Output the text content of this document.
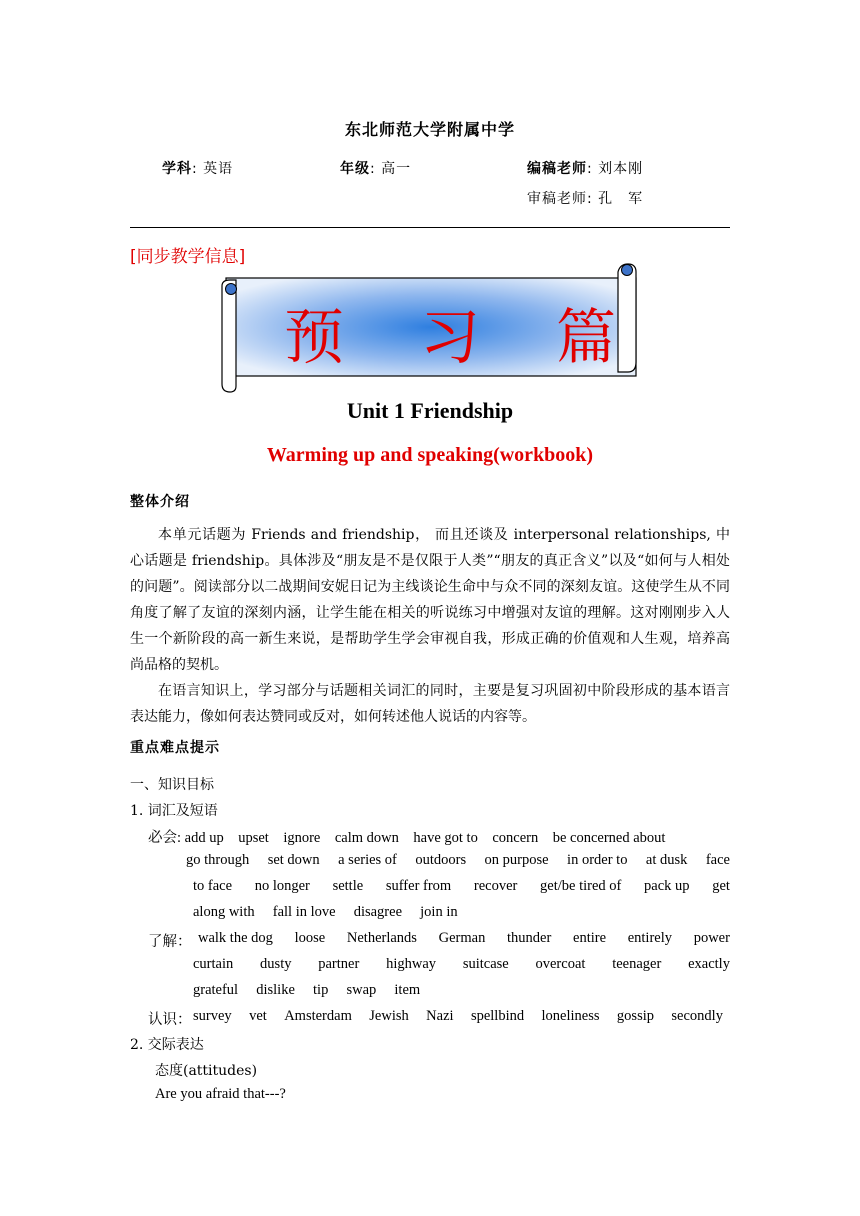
东北师范大学附属中学
学科: 英语	年级: 高一	编稿老师: 刘本刚
审稿老师: 孔　军
[同步教学信息]
预　习　篇
Unit 1 Friendship
Warming up and speaking(workbook)
整体介绍
本单元话题为 Friends and friendship， 而且还谈及 interpersonal relationships, 中心话题是 friendship。具体涉及“朋友是不是仅限于人类”“朋友的真正含义”以及“如何与人相处的问题”。阅读部分以二战期间安妮日记为主线谈论生命中与众不同的深刻友谊。这使学生从不同角度了解了友谊的深刻内涵，让学生能在相关的听说练习中增强对友谊的理解。这对刚刚步入人生一个新阶段的高一新生来说，是帮助学生学会审视自我，形成正确的价值观和人生观，培养高尚品格的契机。
在语言知识上，学习部分与话题相关词汇的同时，主要是复习巩固初中阶段形成的基本语言表达能力，像如何表达赞同或反对，如何转述他人说话的内容等。
重点难点提示
一、知识目标
1. 词汇及短语
必会: add up upset ignore calm down have got to concern be concerned about
go through set down a series of outdoors on purpose in order to at dusk face
to face no longer settle suffer from recover get/be tired of pack up get
along with fall in love disagree join in
了解： walk the dog loose Netherlands German thunder entire entirely power
curtain dusty partner highway suitcase overcoat teenager exactly
grateful dislike tip swap item
认识： survey vet Amsterdam Jewish Nazi spellbind loneliness gossip secondly
2. 交际表达
态度(attitudes)
Are you afraid that---?
